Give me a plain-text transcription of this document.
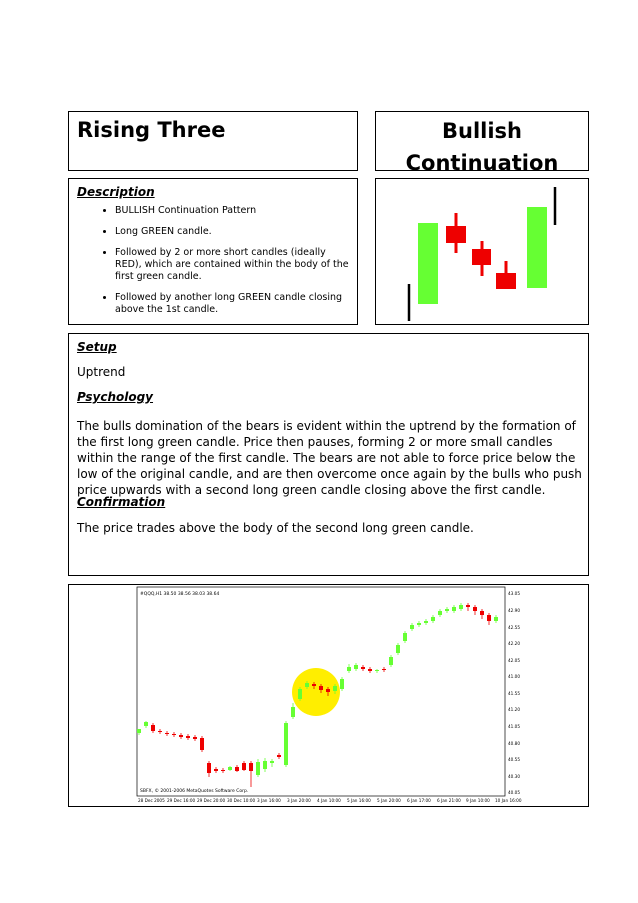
Rising Three	Bullish
Continuation
Description
• BULLISH Continuation Pattern
• Long GREEN candle.
• Followed by 2 or more short candles (ideally RED), which are contained within the body of the first green candle.
• Followed by another long GREEN candle closing above the 1st candle.
Setup
Uptrend
Psychology
The bulls domination of the bears is evident within the uptrend by the formation of the first long green candle. Price then pauses, forming 2 or more small candles within the range of the first candle. The bears are not able to force price below the low of the original candle, and are then overcome once again by the bulls who push price upwards with a second long green candle closing above the first candle.
Confirmation
The price trades above the body of the second long green candle.
#QQQ,H1 38.50 38.56 38.03 38.64
SBFX, © 2001-2006 MetaQuotes Software Corp.
28 Dec 2005 29 Dec 16:00 29 Dec 20:00 30 Dec 10:00 3 Jan 16:00 3 Jan 20:00 4 Jan 10:00 5 Jan 16:00 5 Jan 20:00 6 Jan 17:00 6 Jan 21:00 9 Jan 10:00 10 Jan 16:00
43.05
42.90
42.55
42.20
42.05
41.00
41.55
41.20
41.05
40.80
40.55
40.30
40.05
